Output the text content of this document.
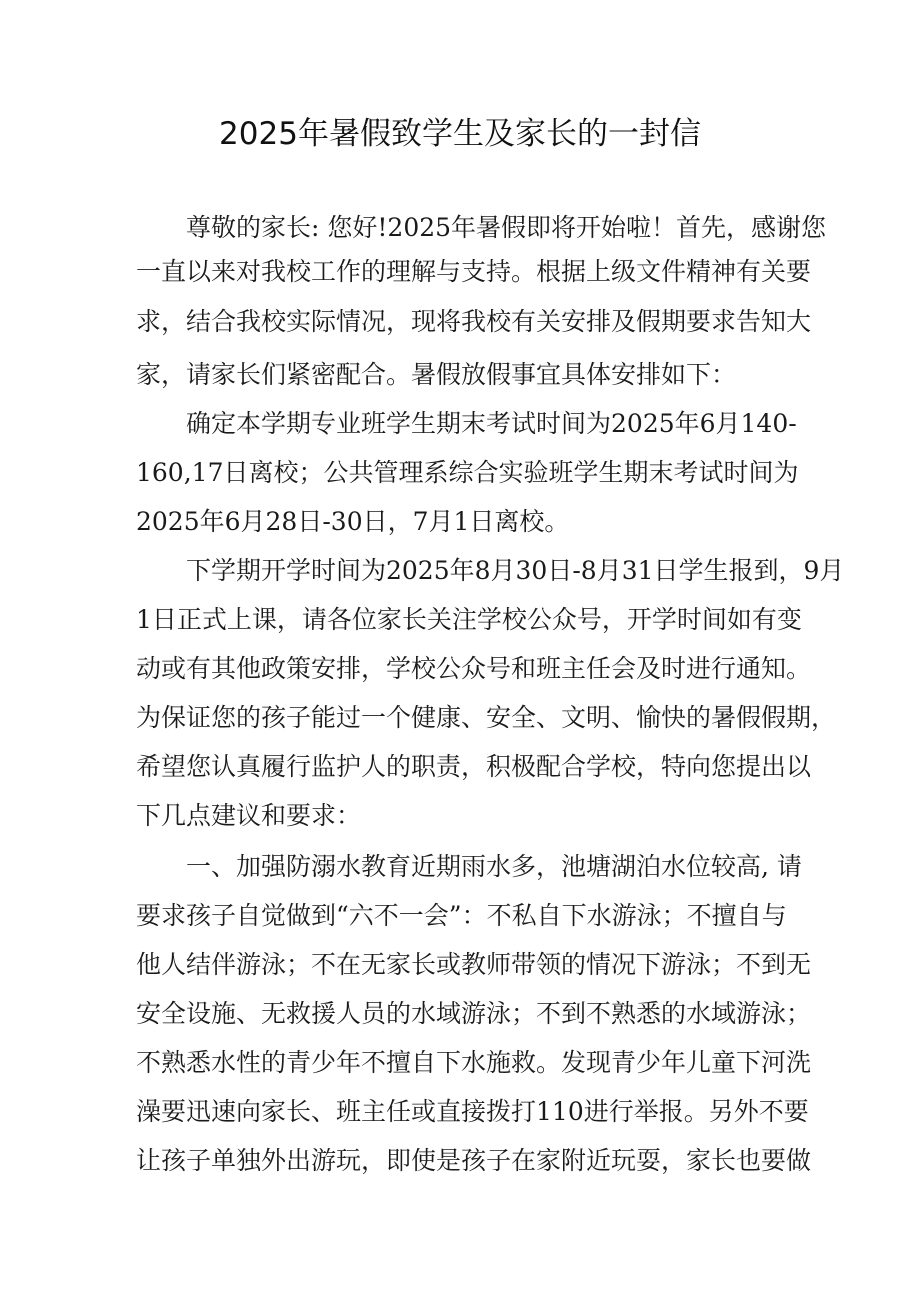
2025年暑假致学生及家长的一封信

尊敬的家长: 您好!2025年暑假即将开始啦！首先，感谢您

一直以来对我校工作的理解与支持。根据上级文件精神有关要

求，结合我校实际情况，现将我校有关安排及假期要求告知大

家，请家长们紧密配合。暑假放假事宜具体安排如下：

确定本学期专业班学生期末考试时间为2025年6月140-

160,17日离校；公共管理系综合实验班学生期末考试时间为

2025年6月28日-30日，7月1日离校。

下学期开学时间为2025年8月30日-8月31日学生报到，9月

1日正式上课，请各位家长关注学校公众号，开学时间如有变

动或有其他政策安排，学校公众号和班主任会及时进行通知。

为保证您的孩子能过一个健康、安全、文明、愉快的暑假假期，

希望您认真履行监护人的职责，积极配合学校，特向您提出以

下几点建议和要求：

一、加强防溺水教育近期雨水多，池塘湖泊水位较高, 请

要求孩子自觉做到“六不一会”：不私自下水游泳；不擅自与

他人结伴游泳；不在无家长或教师带领的情况下游泳；不到无

安全设施、无救援人员的水域游泳；不到不熟悉的水域游泳；

不熟悉水性的青少年不擅自下水施救。发现青少年儿童下河洗

澡要迅速向家长、班主任或直接拨打110进行举报。另外不要

让孩子单独外出游玩，即使是孩子在家附近玩耍，家长也要做
